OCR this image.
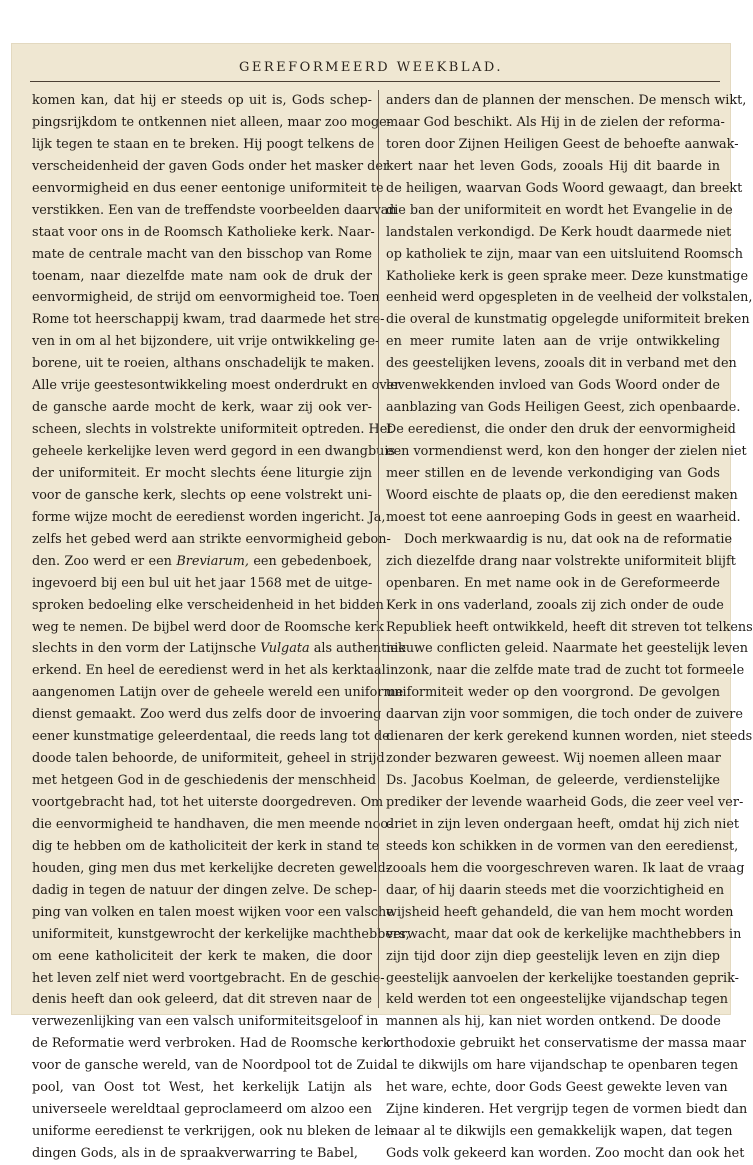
GEREFORMEERD WEEKBLAD.
komen kan, dat hij er steeds op uit is, Gods schep-
pingsrijkdom te ontkennen niet alleen, maar zoo moge-
lijk tegen te staan en te breken. Hij poogt telkens de
verscheidenheid der gaven Gods onder het masker der
eenvormigheid en dus eener eentonige uniformiteit te
verstikken. Een van de treffendste voorbeelden daarvan
staat voor ons in de Roomsch Katholieke kerk. Naar-
mate de centrale macht van den bisschop van Rome
toenam, naar diezelfde mate nam ook de druk der
eenvormigheid, de strijd om eenvormigheid toe. Toen
Rome tot heerschappij kwam, trad daarmede het stre-
ven in om al het bijzondere, uit vrije ontwikkeling ge-
borene, uit te roeien, althans onschadelijk te maken.
Alle vrije geestesontwikkeling moest onderdrukt en over
de gansche aarde mocht de kerk, waar zij ook ver-
scheen, slechts in volstrekte uniformiteit optreden. Het
geheele kerkelijke leven werd gegord in een dwangbuis
der uniformiteit. Er mocht slechts éene liturgie zijn
voor de gansche kerk, slechts op eene volstrekt uni-
forme wijze mocht de eeredienst worden ingericht. Ja,
zelfs het gebed werd aan strikte eenvormigheid gebon-
den. Zoo werd er een Breviarum, een gebedenboek,
ingevoerd bij een bul uit het jaar 1568 met de uitge-
sproken bedoeling elke verscheidenheid in het bidden
weg te nemen. De bijbel werd door de Roomsche kerk
slechts in den vorm der Latijnsche Vulgata als authentiek
erkend. En heel de eeredienst werd in het als kerktaal
aangenomen Latijn over de geheele wereld een uniforme
dienst gemaakt. Zoo werd dus zelfs door de invoering
eener kunstmatige geleerdentaal, die reeds lang tot de
doode talen behoorde, de uniformiteit, geheel in strijd
met hetgeen God in de geschiedenis der menschheid
voortgebracht had, tot het uiterste doorgedreven. Om
die eenvormigheid te handhaven, die men meende noo-
dig te hebben om de katholiciteit der kerk in stand te
houden, ging men dus met kerkelijke decreten geweld-
dadig in tegen de natuur der dingen zelve. De schep-
ping van volken en talen moest wijken voor een valsche
uniformiteit, kunstgewrocht der kerkelijke machthebbers,
om eene katholiciteit der kerk te maken, die door
het leven zelf niet werd voortgebracht. En de geschie-
denis heeft dan ook geleerd, dat dit streven naar de
verwezenlijking van een valsch uniformiteitsgeloof in
de Reformatie werd verbroken. Had de Roomsche kerk
voor de gansche wereld, van de Noordpool tot de Zuid-
pool, van Oost tot West, het kerkelijk Latijn als
universeele wereldtaal geproclameerd om alzoo een
uniforme eeredienst te verkrijgen, ook nu bleken de lei-
dingen Gods, als in de spraakverwarring te Babel,
anders dan de plannen der menschen. De mensch wikt,
maar God beschikt. Als Hij in de zielen der reforma-
toren door Zijnen Heiligen Geest de behoefte aanwak-
kert naar het leven Gods, zooals Hij dit baarde in
de heiligen, waarvan Gods Woord gewaagt, dan breekt
die ban der uniformiteit en wordt het Evangelie in de
landstalen verkondigd. De Kerk houdt daarmede niet
op katholiek te zijn, maar van een uitsluitend Roomsch
Katholieke kerk is geen sprake meer. Deze kunstmatige
eenheid werd opgespleten in de veelheid der volkstalen,
die overal de kunstmatig opgelegde uniformiteit breken
en meer rumite laten aan de vrije ontwikkeling
des geestelijken levens, zooals dit in verband met den
levenwekkenden invloed van Gods Woord onder de
aanblazing van Gods Heiligen Geest, zich openbaarde.
De eeredienst, die onder den druk der eenvormigheid
een vormendienst werd, kon den honger der zielen niet
meer stillen en de levende verkondiging van Gods
Woord eischte de plaats op, die den eeredienst maken
moest tot eene aanroeping Gods in geest en waarheid.
Doch merkwaardig is nu, dat ook na de reformatie
zich diezelfde drang naar volstrekte uniformiteit blijft
openbaren. En met name ook in de Gereformeerde
Kerk in ons vaderland, zooals zij zich onder de oude
Republiek heeft ontwikkeld, heeft dit streven tot telkens
nieuwe conflicten geleid. Naarmate het geestelijk leven
inzonk, naar die zelfde mate trad de zucht tot formeele
uniformiteit weder op den voorgrond. De gevolgen
daarvan zijn voor sommigen, die toch onder de zuivere
dienaren der kerk gerekend kunnen worden, niet steeds
zonder bezwaren geweest. Wij noemen alleen maar
Ds. Jacobus Koelman, de geleerde, verdienstelijke
prediker der levende waarheid Gods, die zeer veel ver-
driet in zijn leven ondergaan heeft, omdat hij zich niet
steeds kon schikken in de vormen van den eeredienst,
zooals hem die voorgeschreven waren. Ik laat de vraag
daar, of hij daarin steeds met die voorzichtigheid en
wijsheid heeft gehandeld, die van hem mocht worden
verwacht, maar dat ook de kerkelijke machthebbers in
zijn tijd door zijn diep geestelijk leven en zijn diep
geestelijk aanvoelen der kerkelijke toestanden geprik-
keld werden tot een ongeestelijke vijandschap tegen
mannen als hij, kan niet worden ontkend. De doode
orthodoxie gebruikt het conservatisme der massa maar
al te dikwijls om hare vijandschap te openbaren tegen
het ware, echte, door Gods Geest gewekte leven van
Zijne kinderen. Het vergrijp tegen de vormen biedt dan
maar al te dikwijls een gemakkelijk wapen, dat tegen
Gods volk gekeerd kan worden. Zoo mocht dan ook het
